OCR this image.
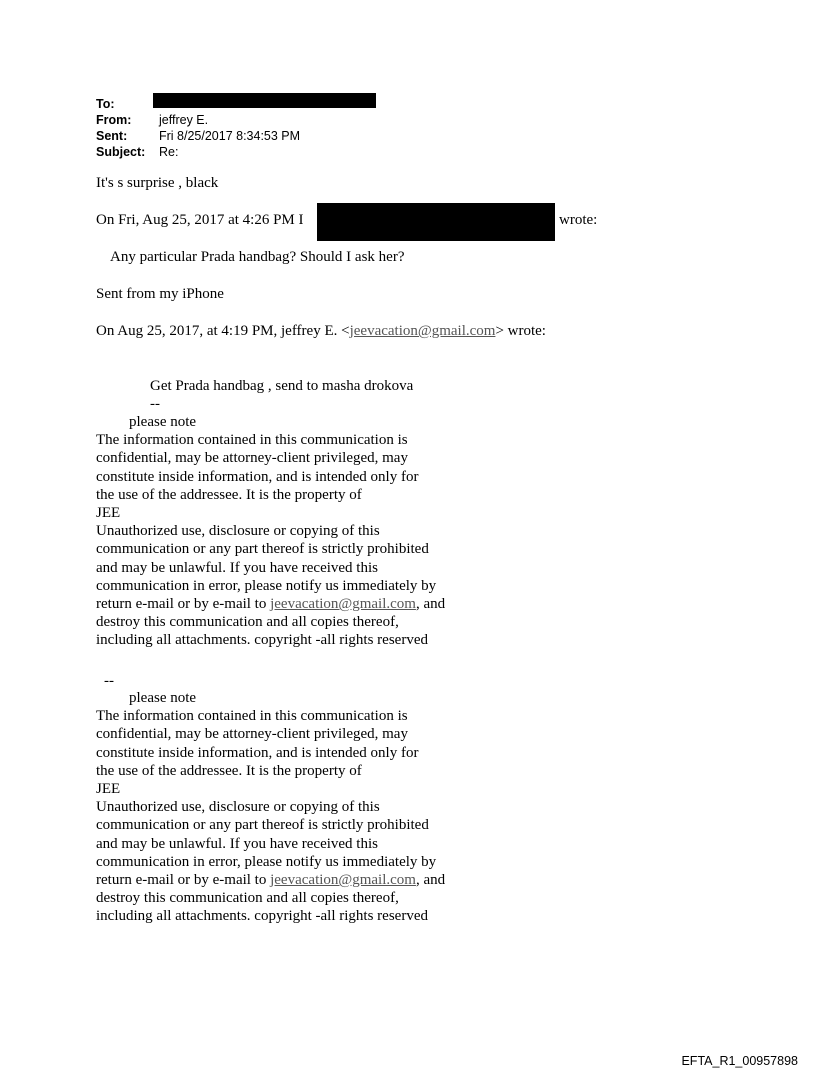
To:
From: jeffrey E.
Sent:	Fri 8/25/2017 8:34:53 PM
Subject: Re:
It's s surprise , black
On Fri, Aug 25, 2017 at 4:26 PM I	wrote:
Any particular Prada handbag? Should I ask her?
Sent from my iPhone
On Aug 25, 2017, at 4:19 PM, jeffrey E. <jeevacation@gmail.com> wrote:
Get Prada handbag , send to masha drokova
--
please note
The information contained in this communication is
confidential, may be attorney-client privileged, may
constitute inside information, and is intended only for
the use of the addressee. It is the property of
JEE
Unauthorized use, disclosure or copying of this
communication or any part thereof is strictly prohibited
and may be unlawful. If you have received this
communication in error, please notify us immediately by
return e-mail or by e-mail to jeevacation@gmail.com, and
destroy this communication and all copies thereof,
including all attachments. copyright -all rights reserved
--
please note
The information contained in this communication is
confidential, may be attorney-client privileged, may
constitute inside information, and is intended only for
the use of the addressee. It is the property of
JEE
Unauthorized use, disclosure or copying of this
communication or any part thereof is strictly prohibited
and may be unlawful. If you have received this
communication in error, please notify us immediately by
return e-mail or by e-mail to jeevacation@gmail.com, and
destroy this communication and all copies thereof,
including all attachments. copyright -all rights reserved
EFTA_R1_00957898
